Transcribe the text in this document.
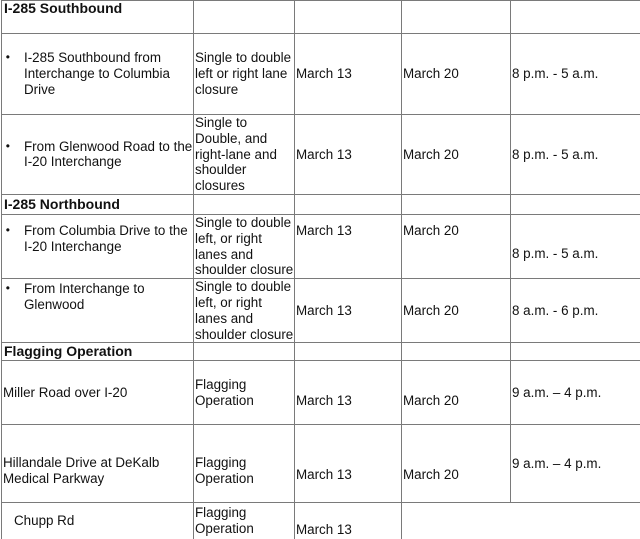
I-285 Southbound				

• I-285 Southbound from Interchange to Columbia Drive	Single to double left or right lane closure	March 13	March 20	8 p.m. - 5 a.m.

• From Glenwood Road to the I-20 Interchange	Single to Double, and right-lane and shoulder closures	March 13	March 20	8 p.m. - 5 a.m.
I-285 Northbound				

• From Columbia Drive to the I-20 Interchange	Single to double left, or right lanes and shoulder closure	March 13	March 20	8 p.m. - 5 a.m.

• From Interchange to Glenwood	Single to double left, or right lanes and shoulder closure	March 13	March 20	8 a.m. - 6 p.m.
Flagging Operation				
Miller Road over I-20	Flagging Operation	March 13	March 20	9 a.m. – 4 p.m.
Hillandale Drive at DeKalb Medical Parkway	Flagging Operation	March 13	March 20	9 a.m. – 4 p.m.
Chupp Rd	Flagging Operation	March 13		
